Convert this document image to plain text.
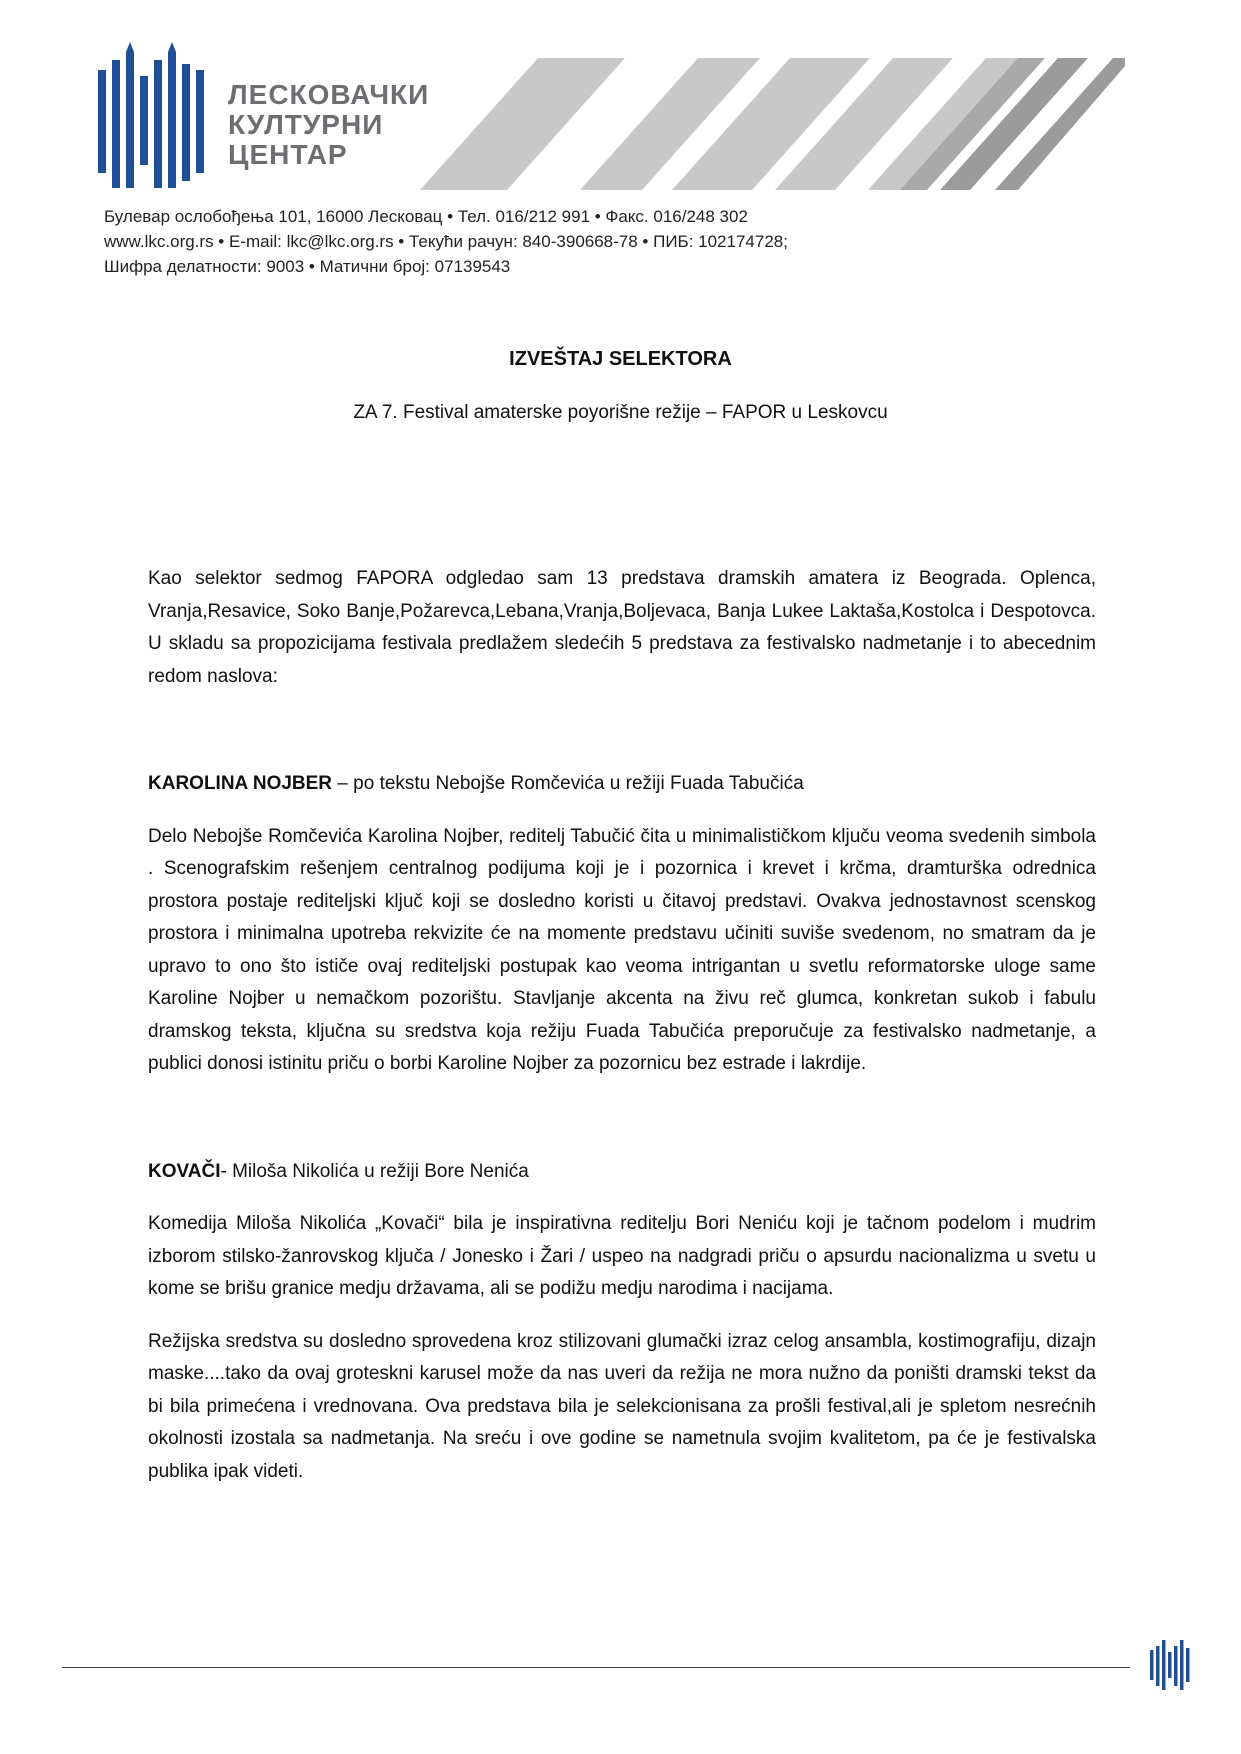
ЛЕСКОВАЧКИ
КУЛТУРНИ
ЦЕНТАР
Булевар ослобођења 101, 16000 Лесковац • Тел. 016/212 991 • Факс. 016/248 302
www.lkc.org.rs • E-mail: lkc@lkc.org.rs • Текући рачун: 840-390668-78 • ПИБ: 102174728;
Шифра делатности: 9003 • Матични број: 07139543
IZVEŠTAJ SELEKTORA
ZA 7. Festival amaterske poyorišne režije – FAPOR u Leskovcu

Kao selektor sedmog FAPORA odgledao sam 13 predstava dramskih amatera iz Beograda. Oplenca, Vranja,Resavice, Soko Banje,Požarevca,Lebana,Vranja,Boljevaca, Banja Lukee Laktaša,Kostolca i Despotovca. U skladu sa propozicijama festivala predlažem sledećih 5 predstava za festivalsko nadmetanje i to abecednim redom naslova:

KAROLINA NOJBER – po tekstu Nebojše Romčevića u režiji Fuada Tabučića

Delo Nebojše Romčevića Karolina Nojber, reditelj Tabučić čita u minimalističkom ključu veoma svedenih simbola . Scenografskim rešenjem centralnog podijuma koji je i pozornica i krevet i krčma, dramturška odrednica prostora postaje rediteljski ključ koji se dosledno koristi u čitavoj predstavi. Ovakva jednostavnost scenskog prostora i minimalna upotreba rekvizite će na momente predstavu učiniti suviše svedenom, no smatram da je upravo to ono što ističe ovaj rediteljski postupak kao veoma intrigantan u svetlu reformatorske uloge same Karoline Nojber u nemačkom pozorištu. Stavljanje akcenta na živu reč glumca, konkretan sukob i fabulu dramskog teksta, ključna su sredstva koja režiju Fuada Tabučića preporučuje za festivalsko nadmetanje, a publici donosi istinitu priču o borbi Karoline Nojber za pozornicu bez estrade i lakrdije.

KOVAČI- Miloša Nikolića u režiji Bore Nenića

Komedija Miloša Nikolića „Kovači“ bila je inspirativna reditelju Bori Neniću koji je tačnom podelom i mudrim izborom stilsko-žanrovskog ključa / Jonesko i Žari / uspeo na nadgradi priču o apsurdu nacionalizma u svetu u kome se brišu granice medju državama, ali se podižu medju narodima i nacijama.

Režijska sredstva su dosledno sprovedena kroz stilizovani glumački izraz celog ansambla, kostimografiju, dizajn maske....tako da ovaj groteskni karusel može da nas uveri da režija ne mora nužno da poništi dramski tekst da bi bila primećena i vrednovana. Ova predstava bila je selekcionisana za prošli festival,ali je spletom nesrećnih okolnosti izostala sa nadmetanja. Na sreću i ove godine se nametnula svojim kvalitetom, pa će je festivalska publika ipak videti.
